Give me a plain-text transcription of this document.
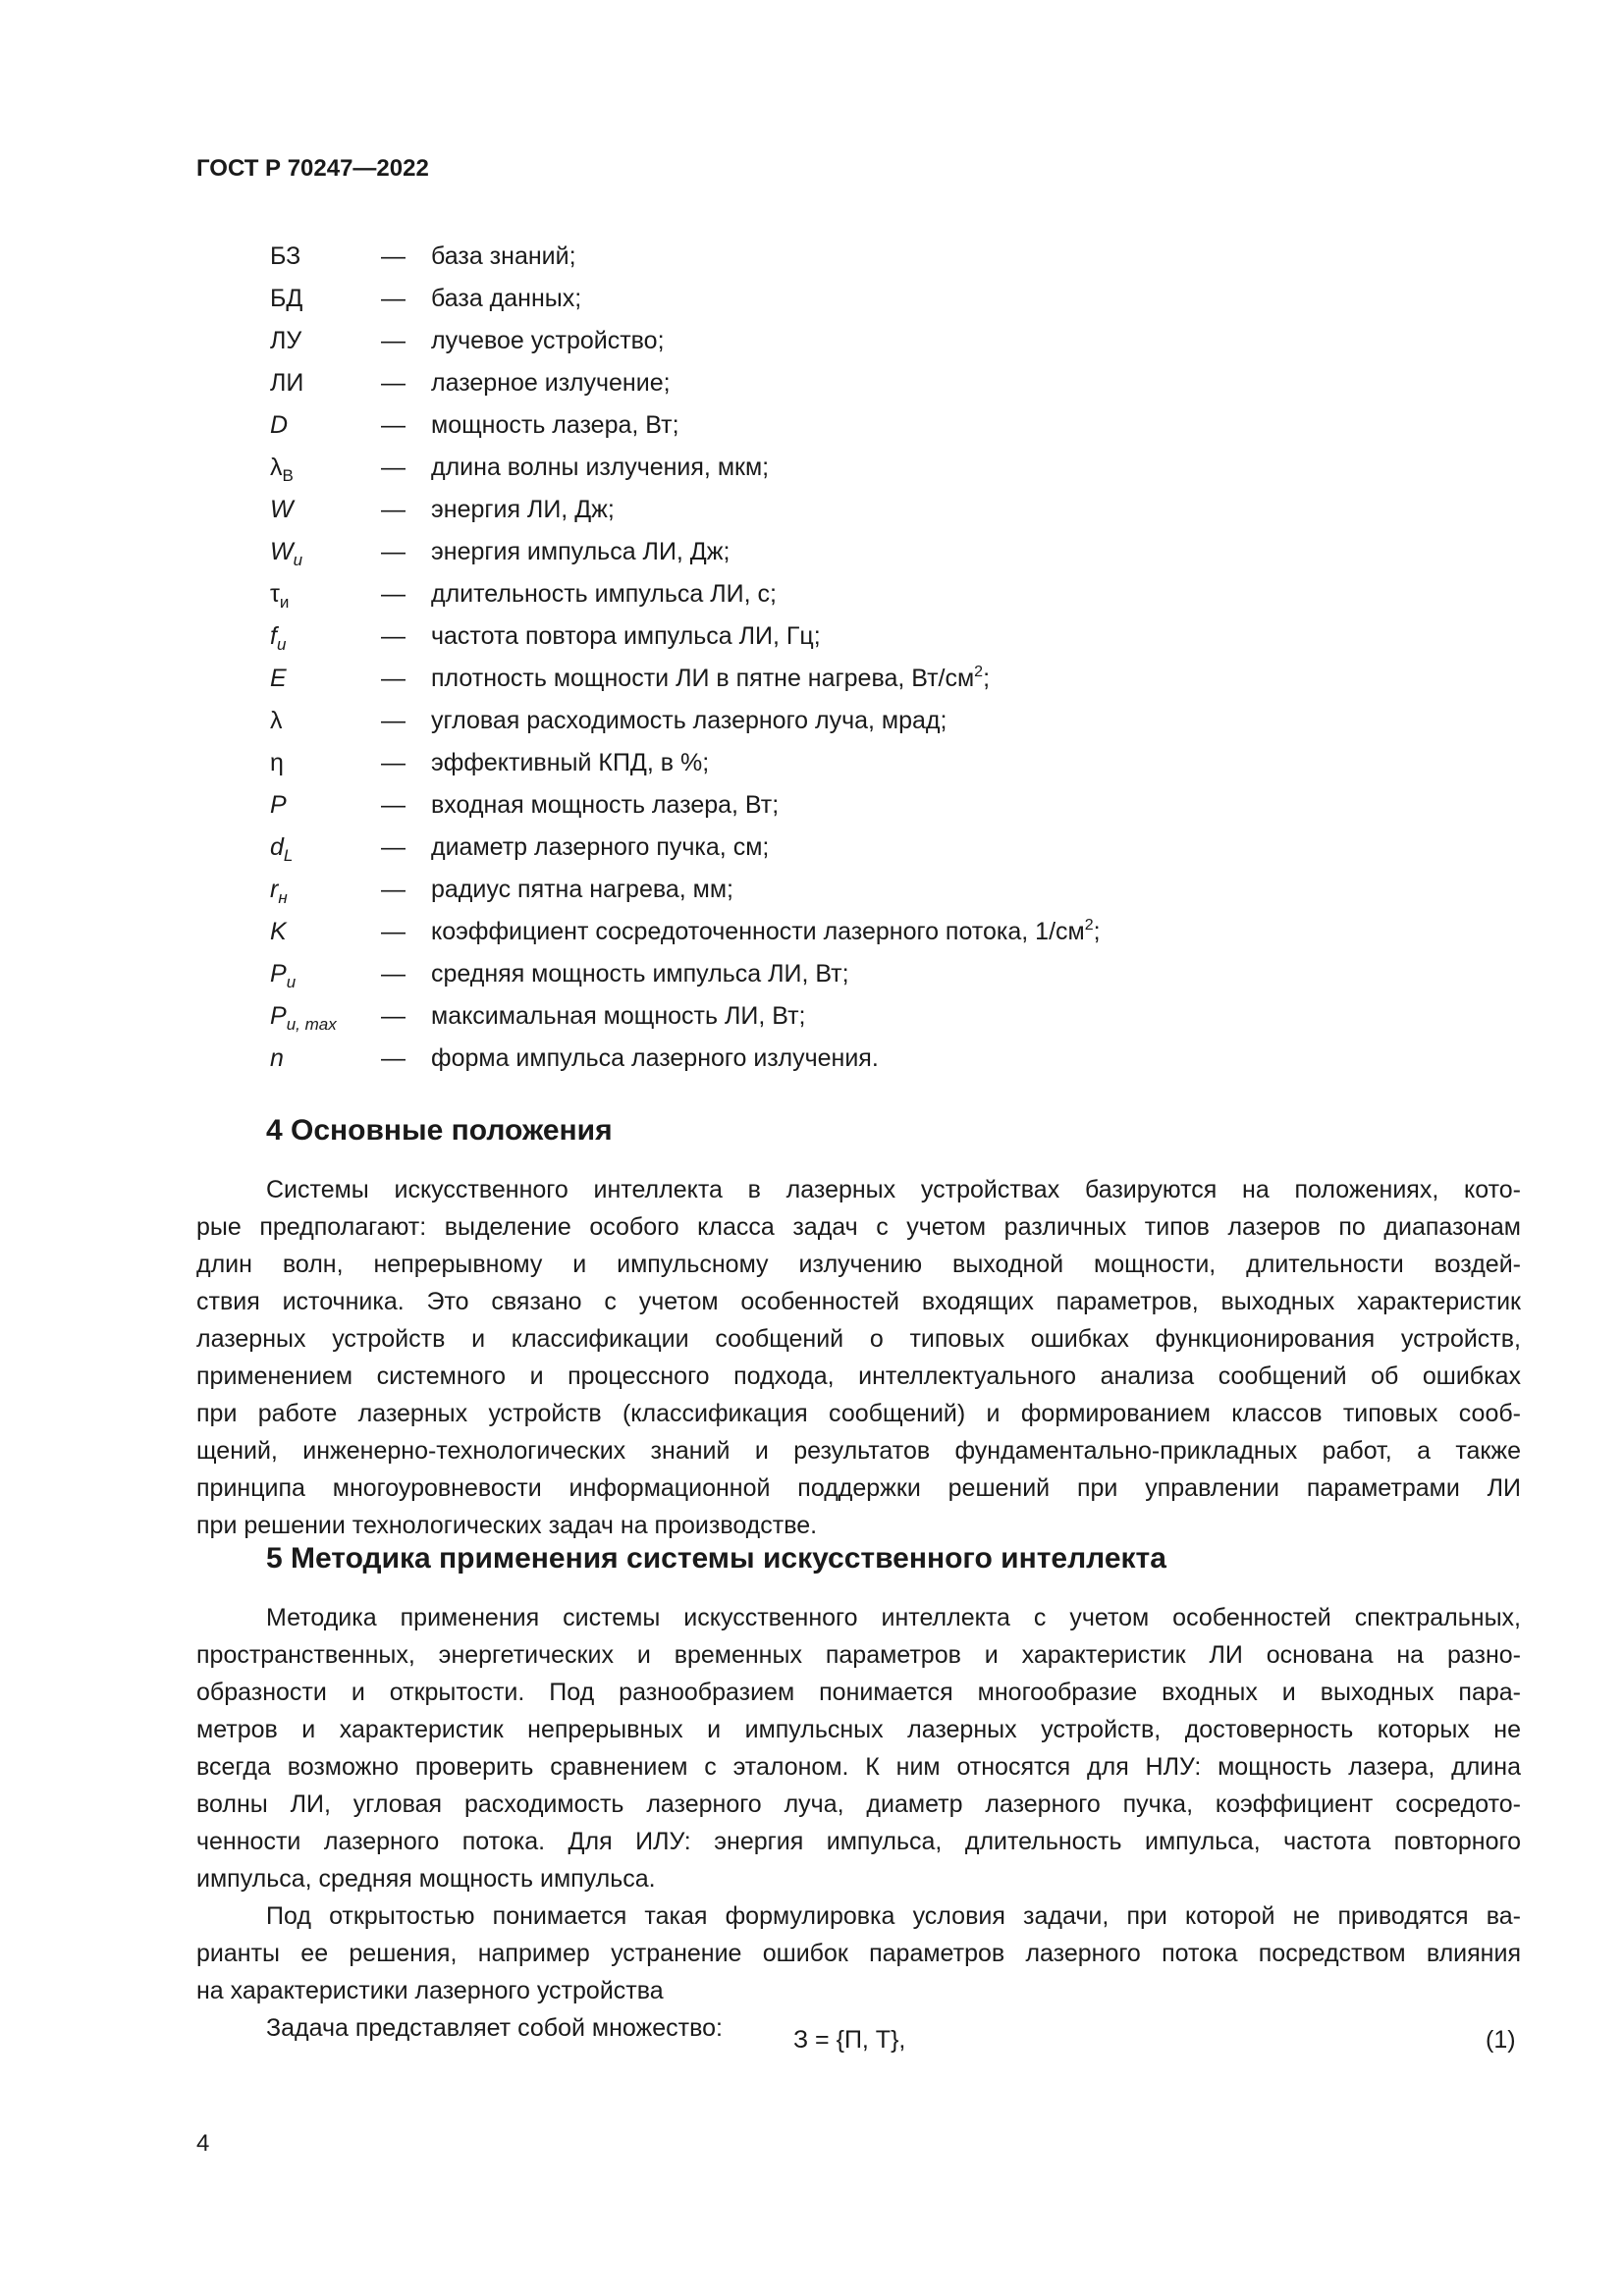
ГОСТ Р 70247—2022
БЗ	— база знаний;
БД	— база данных;
ЛУ	— лучевое устройство;
ЛИ	— лазерное излучение;
D	— мощность лазера, Вт;
$\lambda_B$	— длина волны излучения, мкм;
W	— энергия ЛИ, Дж;
$W_и$	— энергия импульса ЛИ, Дж;
$\tau_и$	— длительность импульса ЛИ, с;
$f_и$	— частота повтора импульса ЛИ, Гц;
E	— плотность мощности ЛИ в пятне нагрева, $Вт/см^2$;
λ	— угловая расходимость лазерного луча, мрад;
η	— эффективный КПД, в %;
P	— входная мощность лазера, Вт;
$d_L$	— диаметр лазерного пучка, см;
$r_н$	— радиус пятна нагрева, мм;
K	— коэффициент сосредоточенности лазерного потока, $1/см^2$;
$P_и$	— средняя мощность импульса ЛИ, Вт;
$P_{и, max}$ — максимальная мощность ЛИ, Вт;
n	— форма импульса лазерного излучения.
4 Основные положения
Системы искусственного интеллекта в лазерных устройствах базируются на положениях, кото-
рые предполагают: выделение особого класса задач с учетом различных типов лазеров по диапазонам
длин волн, непрерывному и импульсному излучению выходной мощности, длительности воздей-
ствия источника. Это связано с учетом особенностей входящих параметров, выходных характеристик
лазерных устройств и классификации сообщений о типовых ошибках функционирования устройств,
применением системного и процессного подхода, интеллектуального анализа сообщений об ошибках
при работе лазерных устройств (классификация сообщений) и формированием классов типовых сооб-
щений, инженерно-технологических знаний и результатов фундаментально-прикладных работ, а также
принципа многоуровневости информационной поддержки решений при управлении параметрами ЛИ
при решении технологических задач на производстве.
5 Методика применения системы искусственного интеллекта
Методика применения системы искусственного интеллекта с учетом особенностей спектральных,
пространственных, энергетических и временных параметров и характеристик ЛИ основана на разно-
образности и открытости. Под разнообразием понимается многообразие входных и выходных пара-
метров и характеристик непрерывных и импульсных лазерных устройств, достоверность которых не
всегда возможно проверить сравнением с эталоном. К ним относятся для НЛУ: мощность лазера, длина
волны ЛИ, угловая расходимость лазерного луча, диаметр лазерного пучка, коэффициент сосредото-
ченности лазерного потока. Для ИЛУ: энергия импульса, длительность импульса, частота повторного
импульса, средняя мощность импульса.
Под открытостью понимается такая формулировка условия задачи, при которой не приводятся ва-
рианты ее решения, например устранение ошибок параметров лазерного потока посредством влияния
на характеристики лазерного устройства
Задача представляет собой множество:	З = {П, Т},	(1)
4
